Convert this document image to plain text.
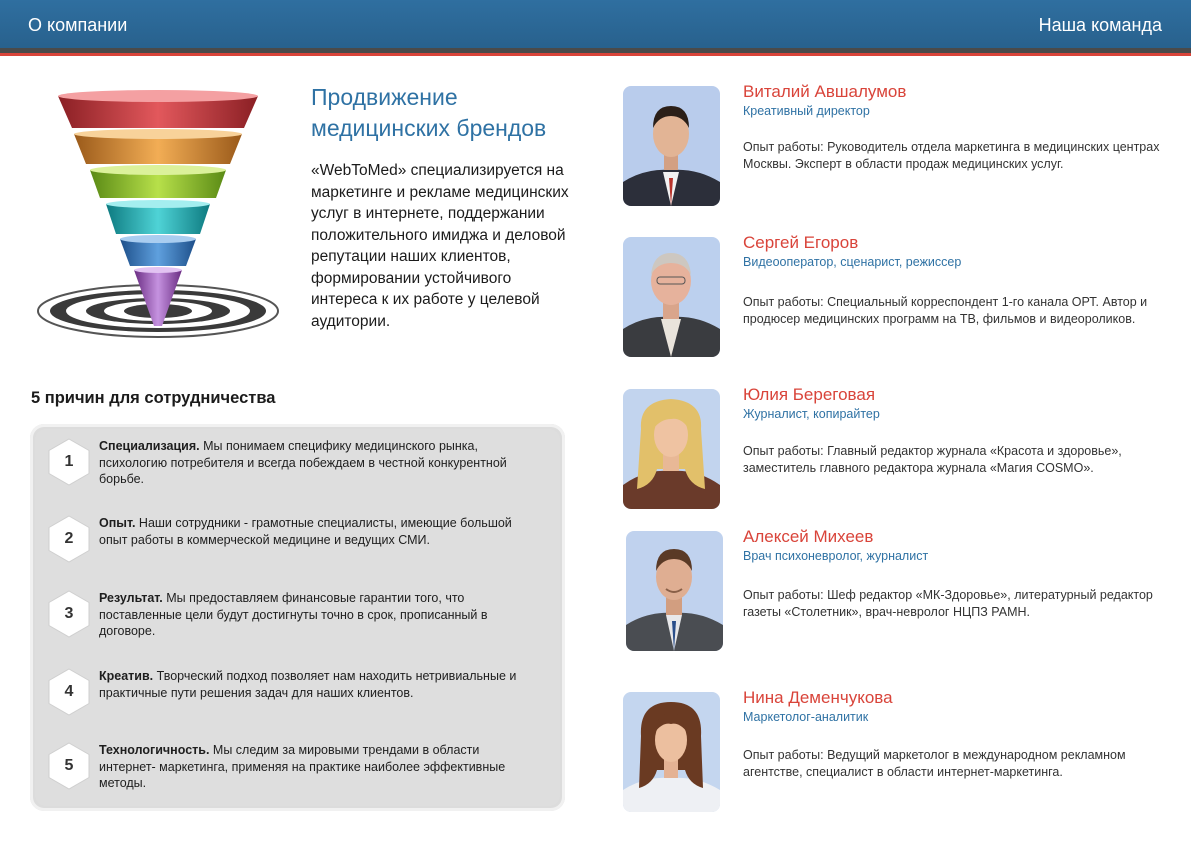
О компании	Наша команда
Продвижение
медицинских брендов
«WebToMed» специализируется на маркетинге и рекламе медицинских услуг в интернете, поддержании положительного имиджа и деловой репутации наших клиентов, формировании устойчивого интереса к их работе у целевой аудитории.
5 причин для сотрудничества
1
Специализация. Мы понимаем специфику медицинского рынка, психологию потребителя и всегда побеждаем в честной конкурентной борьбе.
2
Опыт. Наши сотрудники - грамотные специалисты, имеющие большой опыт работы в коммерческой медицине и ведущих СМИ.
3
Результат. Мы предоставляем финансовые гарантии того, что поставленные цели будут достигнуты точно в срок, прописанный в договоре.
4
Креатив. Творческий подход позволяет нам находить нетривиальные и практичные пути решения задач для наших клиентов.
5
Технологичность. Мы следим за мировыми трендами в области интернет- маркетинга, применяя на практике наиболее эффективные методы.
Виталий Авшалумов
Креативный директор
Опыт работы: Руководитель отдела маркетинга в медицинских центрах Москвы. Эксперт в области продаж медицинских услуг.
Сергей Егоров
Видеооператор, сценарист, режиссер
Опыт работы: Специальный корреспондент 1-го канала ОРТ. Автор и продюсер медицинских программ на ТВ, фильмов и видеороликов.
Юлия Береговая
Журналист, копирайтер
Опыт работы: Главный редактор журнала «Красота и здоровье», заместитель главного редактора журнала «Магия COSMO».
Алексей Михеев
Врач психоневролог, журналист
Опыт работы: Шеф редактор «МК-Здоровье», литературный редактор газеты «Столетник», врач-невролог НЦПЗ РАМН.
Нина Деменчукова
Маркетолог-аналитик
Опыт работы: Ведущий маркетолог в международном рекламном агентстве, специалист в области интернет-маркетинга.
